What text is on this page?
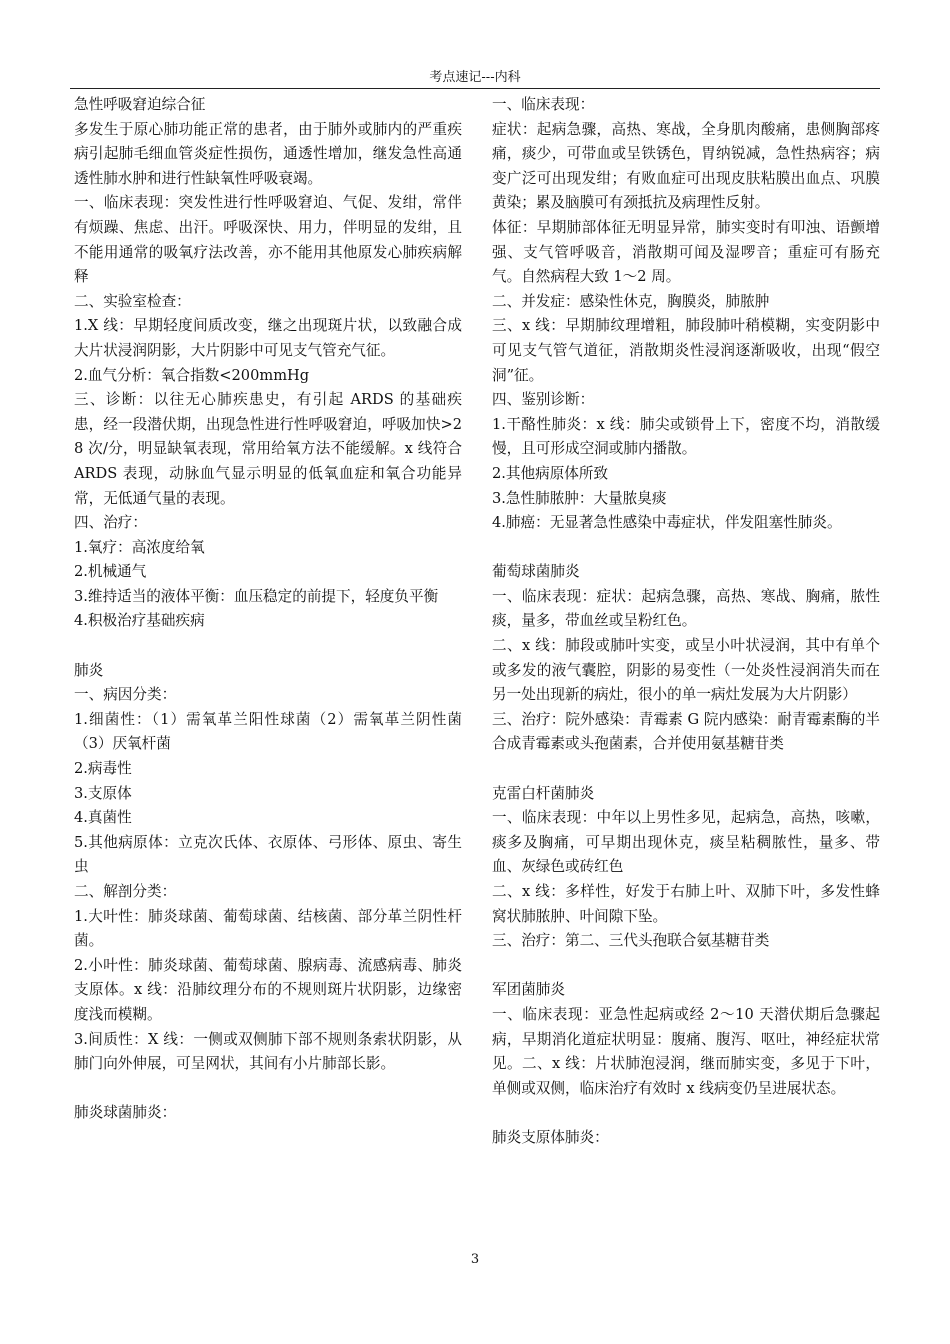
考点速记---内科
急性呼吸窘迫综合征
多发生于原心肺功能正常的患者，由于肺外或肺内的严重疾病引起肺毛细血管炎症性损伤，通透性增加，继发急性高通透性肺水肿和进行性缺氧性呼吸衰竭。
一、临床表现：突发性进行性呼吸窘迫、气促、发绀，常伴有烦躁、焦虑、出汗。呼吸深快、用力，伴明显的发绀，且不能用通常的吸氧疗法改善，亦不能用其他原发心肺疾病解释
二、实验室检查：
1.X 线：早期轻度间质改变，继之出现斑片状，以致融合成大片状浸润阴影，大片阴影中可见支气管充气征。
2.血气分析：氧合指数<200mmHg
三、诊断：以往无心肺疾患史，有引起 ARDS 的基础疾患，经一段潜伏期，出现急性进行性呼吸窘迫，呼吸加快>28 次/分，明显缺氧表现，常用给氧方法不能缓解。x 线符合 ARDS 表现，动脉血气显示明显的低氧血症和氧合功能异常，无低通气量的表现。
四、治疗：
1.氧疗：高浓度给氧
2.机械通气
3.维持适当的液体平衡：血压稳定的前提下，轻度负平衡
4.积极治疗基础疾病
肺炎
一、病因分类：
1.细菌性：（1）需氧革兰阳性球菌（2）需氧革兰阴性菌（3）厌氧杆菌
2.病毒性
3.支原体
4.真菌性
5.其他病原体：立克次氏体、衣原体、弓形体、原虫、寄生虫
二、解剖分类：
1.大叶性：肺炎球菌、葡萄球菌、结核菌、部分革兰阴性杆菌。
2.小叶性：肺炎球菌、葡萄球菌、腺病毒、流感病毒、肺炎支原体。x 线：沿肺纹理分布的不规则斑片状阴影，边缘密度浅而模糊。
3.间质性：X 线：一侧或双侧肺下部不规则条索状阴影，从肺门向外伸展，可呈网状，其间有小片肺部长影。
肺炎球菌肺炎：
一、临床表现：
症状：起病急骤，高热、寒战，全身肌肉酸痛，患侧胸部疼痛，痰少，可带血或呈铁锈色，胃纳锐减，急性热病容；病变广泛可出现发绀；有败血症可出现皮肤粘膜出血点、巩膜黄染；累及脑膜可有颈抵抗及病理性反射。
体征：早期肺部体征无明显异常，肺实变时有叩浊、语颤增强、支气管呼吸音，消散期可闻及湿啰音；重症可有肠充气。自然病程大致 1～2 周。
二、并发症：感染性休克，胸膜炎，肺脓肿
三、x 线：早期肺纹理增粗，肺段肺叶稍模糊，实变阴影中可见支气管气道征，消散期炎性浸润逐渐吸收，出现“假空洞”征。
四、鉴别诊断：
1.干酪性肺炎：x 线：肺尖或锁骨上下，密度不均，消散缓慢，且可形成空洞或肺内播散。
2.其他病原体所致
3.急性肺脓肿：大量脓臭痰
4.肺癌：无显著急性感染中毒症状，伴发阻塞性肺炎。
葡萄球菌肺炎
一、临床表现：症状：起病急骤，高热、寒战、胸痛，脓性痰，量多，带血丝或呈粉红色。
二、x 线：肺段或肺叶实变，或呈小叶状浸润，其中有单个或多发的液气囊腔，阴影的易变性（一处炎性浸润消失而在另一处出现新的病灶，很小的单一病灶发展为大片阴影）
三、治疗：院外感染：青霉素 G 院内感染：耐青霉素酶的半合成青霉素或头孢菌素，合并使用氨基糖苷类
克雷白杆菌肺炎
一、临床表现：中年以上男性多见，起病急，高热，咳嗽，痰多及胸痛，可早期出现休克，痰呈粘稠脓性，量多、带血、灰绿色或砖红色
二、x 线：多样性，好发于右肺上叶、双肺下叶，多发性蜂窝状肺脓肿、叶间隙下坠。
三、治疗：第二、三代头孢联合氨基糖苷类
军团菌肺炎
一、临床表现：亚急性起病或经 2～10 天潜伏期后急骤起病，早期消化道症状明显：腹痛、腹泻、呕吐，神经症状常见。二、x 线：片状肺泡浸润，继而肺实变，多见于下叶，单侧或双侧，临床治疗有效时 x 线病变仍呈进展状态。
肺炎支原体肺炎：
3
